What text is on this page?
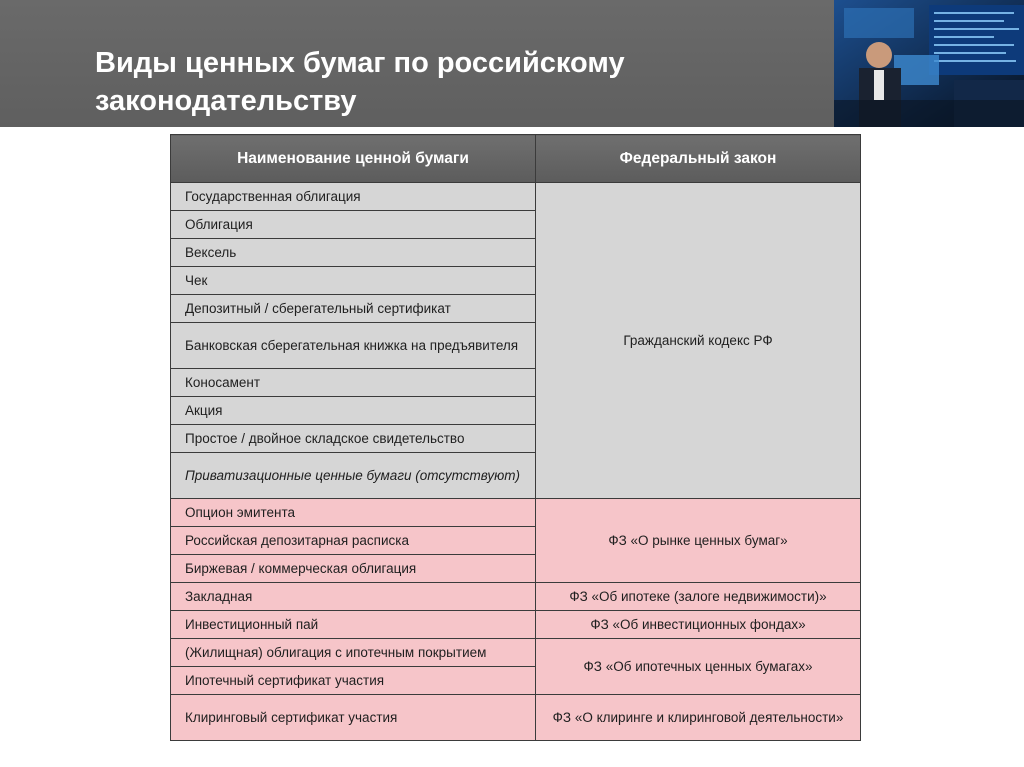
Виды ценных бумаг по российскому законодательству
Наименование ценной бумаги	Федеральный закон
Государственная облигация	Гражданский кодекс РФ
Облигация	
Вексель	
Чек	
Депозитный / сберегательный сертификат	
Банковская сберегательная книжка на предъявителя	
Коносамент	
Акция	
Простое / двойное складское свидетельство	
Приватизационные ценные бумаги (отсутствуют)	
Опцион эмитента	ФЗ «О рынке ценных бумаг»
Российская депозитарная расписка	
Биржевая / коммерческая облигация	
Закладная	ФЗ «Об ипотеке (залоге недвижимости)»
Инвестиционный пай	ФЗ «Об инвестиционных фондах»
(Жилищная) облигация с ипотечным покрытием	ФЗ «Об ипотечных ценных бумагах»
Ипотечный сертификат участия	
Клиринговый сертификат участия	ФЗ «О клиринге и клиринговой деятельности»
